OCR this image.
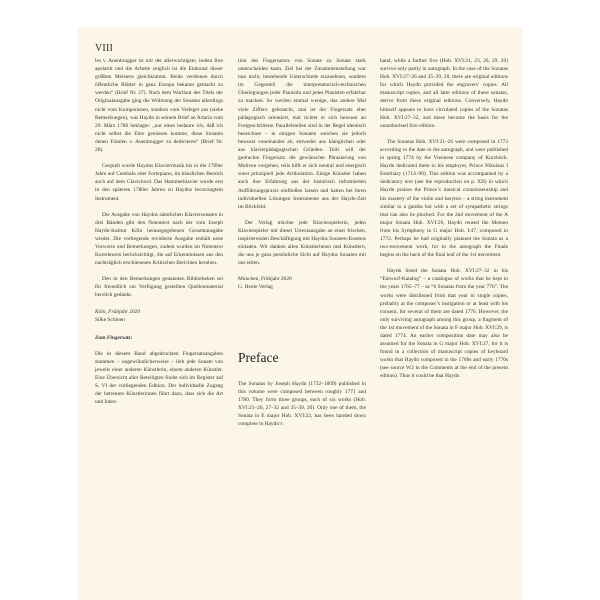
VIII

les v. Anenbrugger ist mir der allerwichtigste, indem Ihre apelartit und die Arbeite zeiglich ist die Einkunst dieser größten Meistern gleichkommt. Beide verdienen durch öffentliche Blätter in ganz Europa bekannt gemacht zu werden“ (Brief Nr. 27). Nach dem Wortlaut des Titels der Originalausgabe ging die Widmung der Sonaten allerdings nicht vom Komponisten, sondern vom Verleger aus (siehe Bemerkungen), was Haydn in seinem Brief an Artaria vom 20. März 1780 beklagte: „nur eines bedaure ich, daß ich nicht selbst die Ehre genüssen komme, diese Sonaten denen Fräulen v. Auenbrugger zu dedicieren“ (Brief Nr. 28).

Gespielt wurde Haydns Klaviermusik bis in die 1780er Jahre auf Cembalo oder Fortepiano, im häuslichen Bereich auch auf dem Clavichord. Das Hammerklavier wurde erst in den späteren 1780er Jahren zu Haydns bevorzugtem Instrument.

Die Ausgabe von Haydns sämtlichen Klaviersonaten in drei Bänden gibt den Notentext nach der vom Joseph Haydn-Institut Köln herausgegebenen Gesamtausgabe wieder. Die vorliegende revidierte Ausgabe enthält neue Vorworte und Bemerkungen, zudem wurden im Notentext Korrekturen berücksichtigt, die auf Erkenntnissen aus den nachträglich erschienenen Kritischen Berichten beruhen.

Den in den Bemerkungen genannten Bibliotheken sei für freundlich zur Verfügung gestellten Quellenmaterial herzlich gedankt.

Köln, Frühjahr 2020
Silke Schloen

Zum Fingersatz:

Die in diesem Band abgedruckten Fingersatzangaben stammen – ungewöhnlicherweise – lieb jede Sonate von jeweils einer anderen Künstlerin, einem anderen Künstler. Eine Übersicht aller Beteiligten findet sich im Register auf S. VI der vorliegenden Edition. Der individuelle Zugang der betreuten Künstlerinnen führt dazu, dass sich die Art und Inten-

tion des Fingersatzes von Sonate zu Sonate stark unterscheiden kann. Ziel bei der Zusammenstellung war nun nicht, bestehende Unterschiede einzuebnen, sondern im Gegenteil die interpretatorisch-technischen Überlegungen jeder Pianistin und jedes Pianisten erfahrbar zu machen. So werden einmal wenige, das andere Mal viele Ziffern gebraucht, mal ist der Fingersatz eher pädagogisch orientiert, mal richtet er sich bewusst an Fortgeschrittene. Parallelstellen sind in der Regel identisch bezeichnet – in einigen Sonaten weichen sie jedoch bewusst voneinander ab, entweder aus klanglichen oder aus klavierpädagogischen Gründen. Teils will der gedruckte Fingersatz die gewünschte Phrasierung von Motiven vorgeben, teils hilft er sich neutral und energisch sonst prinzipiell jede Artikulation. Einige Künstler haben auch ihre Erfahrung aus der historisch informierten Aufführungspraxis einfließen lassen und hatten bei ihren individuellen Lösungen Instrumente aus der Haydn-Zeit im Blickfeld.

Der Verlag möchte jede Klavierspielerin, jeden Klavierspieler mit dieser Urtextausgabe an einer frischen, inspirierenden Beschäftigung mit Haydns Sonaten-Kosmos einladen. Wir danken allen Künstlerinnen und Künstlern, die uns je ganz persönliche Sicht auf Haydns Sonaten mit uns teilen.

München, Frühjahr 2020
G. Henle Verlag
Preface

The Sonatas by Joseph Haydn (1732–1809) published in this volume were composed between roughly 1771 and 1780. They form three groups, each of six works (Hob. XVI:21–26, 27–32 and 35–39, 20). Only one of them, the Sonata in E major Hob. XVI:22, has been handed down complete in Haydn’s

hand, while a further five (Hob. XVI:21, 23, 26, 29, 20) survive only partly in autograph. In the case of the Sonatas Hob. XVI:27–26 and 35–39, 20, there are original editions for which Haydn provided the engravers’ copies. All manuscript copies, and all later editions of these sonatas, derive from these original editions. Conversely, Haydn himself appears to have circulated copies of the Sonatas Hob. XVI:27–32, and these become the basis for the unauthorised first edition.

The Sonatas Hob. XVI:21–26 were composed in 1773 according to the date in the autograph, and were published in spring 1774 by the Viennese company of Kurzböck. Haydn dedicated them to his employer, Prince Nikolaus I Esterházy (1714–90). This edition was accompanied by a dedicatory text (see the reproduction on p. XII) in which Haydn praises the Prince’s musical connoisseurship and his mastery of the violin and baryton – a string instrument similar to a gamba but with a set of sympathetic strings that can also be plucked. For the 2nd movement of the A major Sonata Hob. XVI:26, Haydn reused the Menuet from his Symphony in G major Hob. I:47, composed in 1772. Perhaps he had originally planned the Sonata as a two-movement work, for in the autograph the Finale begins on the back of the final leaf of the 1st movement.

Haydn listed the Sonata Hob. XVI:27–32 in his “Entwurf-Katalog” – a catalogue of works that he kept in the years 1765–77 – as “6 Sonatas from the year 776”. The works were distributed from that year in single copies, probably at the composer’s instigation or at least with his consent, for several of them are dated 1776. However, the only surviving autograph among this group, a fragment of the 1st movement of the Sonata in F major Hob. XVI:29, is dated 1774. An earlier composition date may also be assumed for the Sonata in G major Hob. XVI:27, for it is found in a collection of manuscript copies of keyboard works that Haydn composed in the 1760s and early 1770s (see source W2 in the Comments at the end of the present edition). Thus it could be that Haydn
